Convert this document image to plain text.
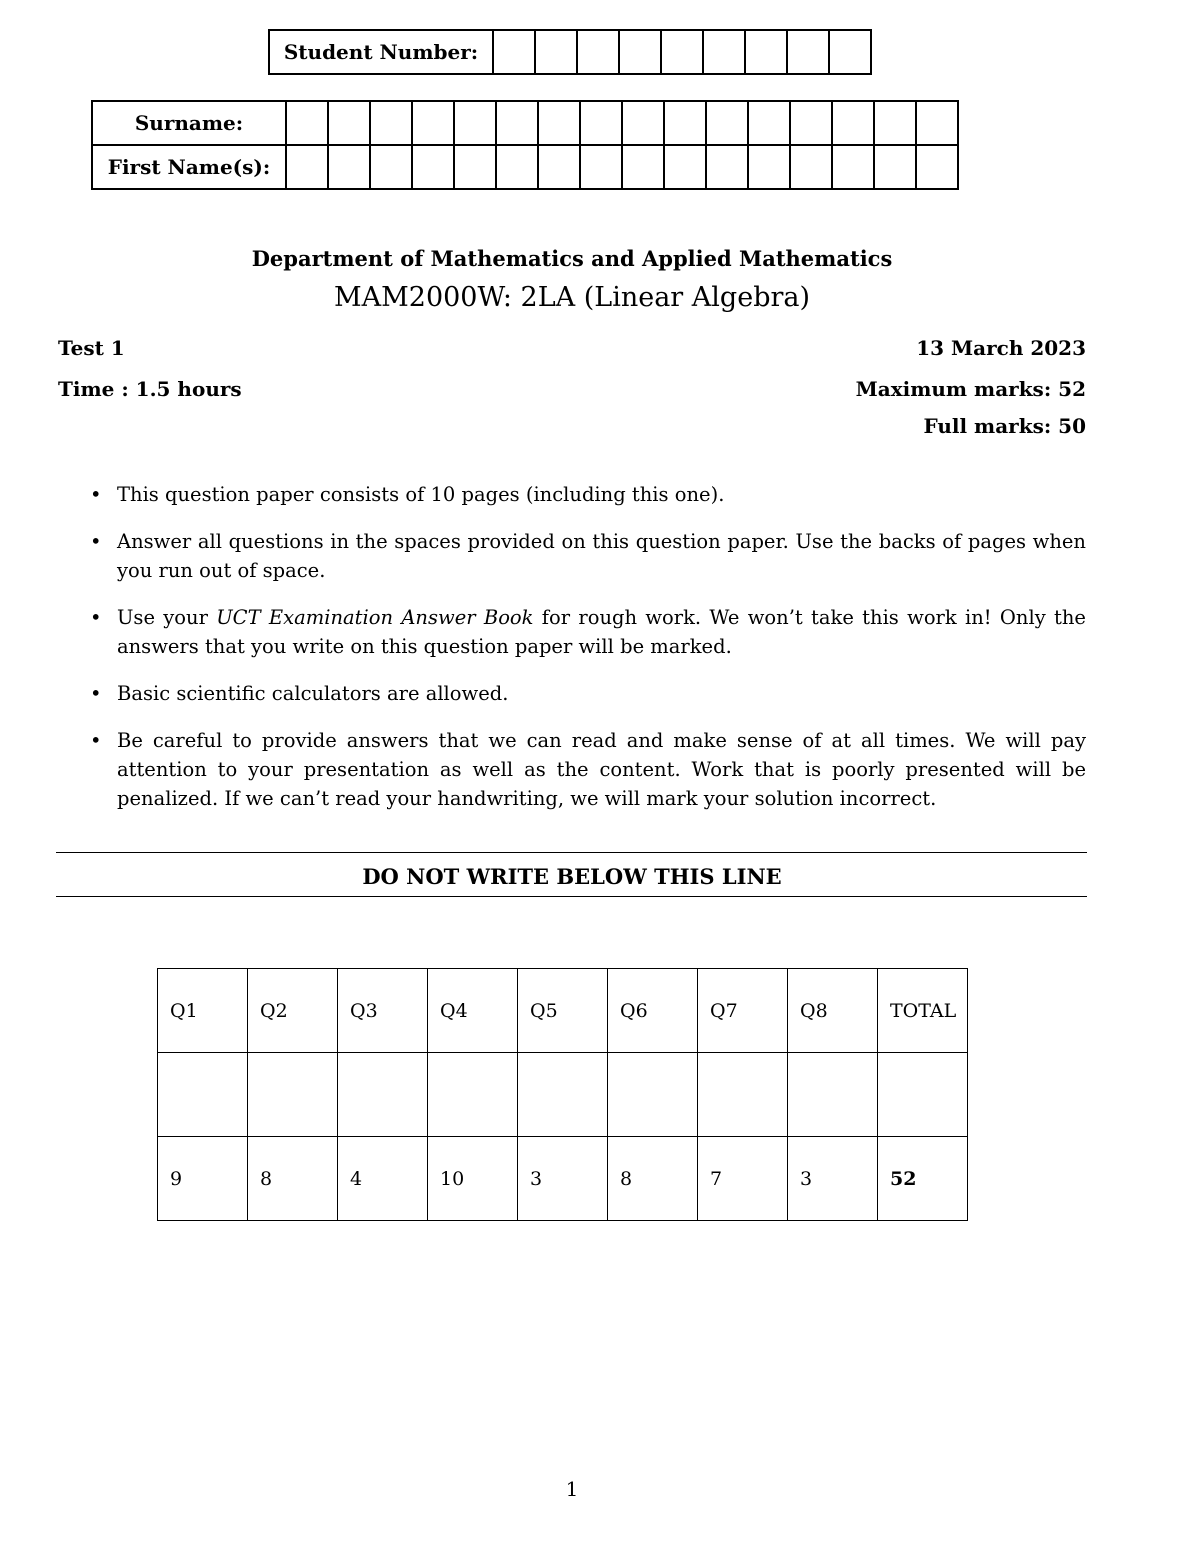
Student Number:									
Surname:																
First Name(s):																
Department of Mathematics and Applied Mathematics
MAM2000W: 2LA (Linear Algebra)
Test 1	13 March 2023
Time : 1.5 hours	Maximum marks: 52
Full marks: 50
• This question paper consists of 10 pages (including this one).
• Answer all questions in the spaces provided on this question paper. Use the backs of pages when you run out of space.
• Use your UCT Examination Answer Book for rough work. We won’t take this work in! Only the answers that you write on this question paper will be marked.
• Basic scientific calculators are allowed.
• Be careful to provide answers that we can read and make sense of at all times. We will pay attention to your presentation as well as the content. Work that is poorly presented will be penalized. If we can’t read your handwriting, we will mark your solution incorrect.
DO NOT WRITE BELOW THIS LINE
Q1	Q2	Q3	Q4	Q5	Q6	Q7	Q8	TOTAL

9	8	4	10	3	8	7	3	52
1
